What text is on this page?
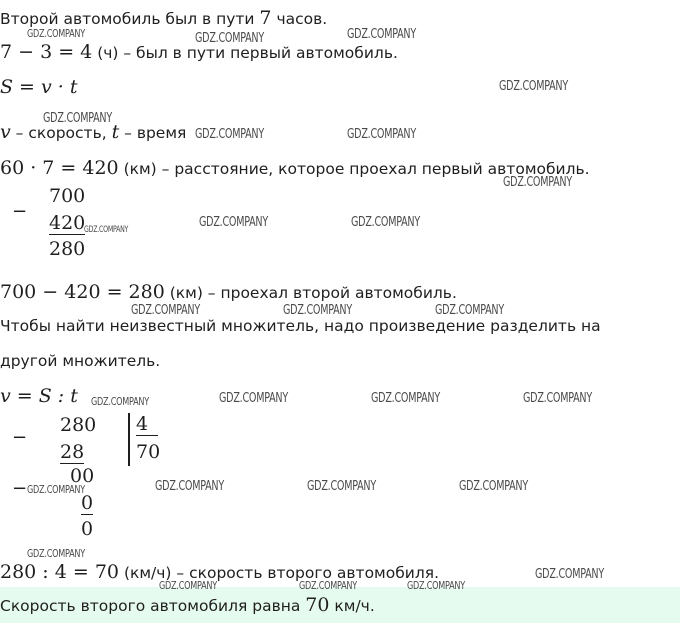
Второй автомобиль был в пути 7 часов.
7 − 3 = 4 (ч) – был в пути первый автомобиль.
S = v · t
v – скорость, t – время
60 · 7 = 420 (км) – расстояние, которое проехал первый автомобиль.
−
700
420
280
700 − 420 = 280 (км) – проехал второй автомобиль.
Чтобы найти неизвестный множитель, надо произведение разделить на
другой множитель.
v = S : t
−
280
28
00
−
0
0
4
70
280 : 4 = 70 (км/ч) – скорость второго автомобиля.
Скорость второго автомобиля равна 70 км/ч.
GDZ.COMPANY	GDZ.COMPANY	GDZ.COMPANY
GDZ.COMPANY
GDZ.COMPANY
GDZ.COMPANY	GDZ.COMPANY
GDZ.COMPANY
GDZ.COMPANY	GDZ.COMPANY	GDZ.COMPANY
GDZ.COMPANY	GDZ.COMPANY	GDZ.COMPANY
GDZ.COMPANY	GDZ.COMPANY	GDZ.COMPANY	GDZ.COMPANY
GDZ.COMPANY	GDZ.COMPANY	GDZ.COMPANY	GDZ.COMPANY
GDZ.COMPANY
GDZ.COMPANY	GDZ.COMPANY	GDZ.COMPANY
GDZ.COMPANY
